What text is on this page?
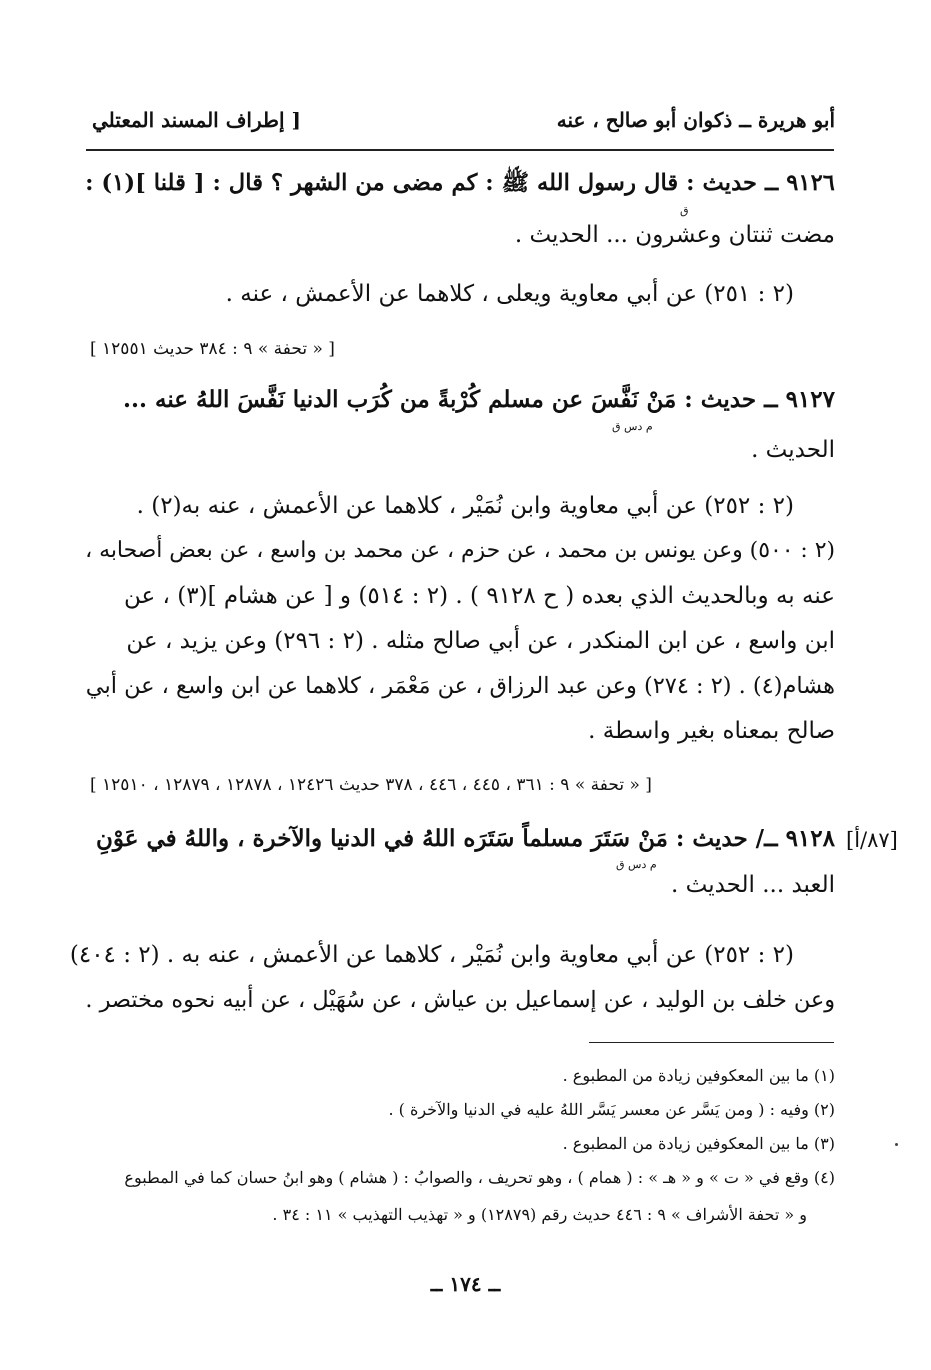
أبو هريرة ــ ذكوان أبو صالح ، عنه
[ إطراف المسند المعتلي
٩١٢٦ ــ حديث : قال رسول الله ﷺ : كم مضى من الشهر ؟ قال : [ قلنا ](١) :
ق
مضت ثنتان وعشرون ... الحديث .
(٢ : ٢٥١) عن أبي معاوية ويعلى ، كلاهما عن الأعمش ، عنه .
[ « تحفة » ٩ : ٣٨٤ حديث ١٢٥٥١ ]
٩١٢٧ ــ حديث : مَنْ نَفَّسَ عن مسلم كُرْبةً من كُرَب الدنيا نَفَّسَ اللهُ عنه ...
م دس ق
الحديث .
(٢ : ٢٥٢) عن أبي معاوية وابن نُمَيْر ، كلاهما عن الأعمش ، عنه به(٢) .
(٢ : ٥٠٠) وعن يونس بن محمد ، عن حزم ، عن محمد بن واسع ، عن بعض أصحابه ،
عنه به وبالحديث الذي بعده ( ح ٩١٢٨ ) . (٢ : ٥١٤) و [ عن هشام ](٣) ، عن
ابن واسع ، عن ابن المنكدر ، عن أبي صالح مثله . (٢ : ٢٩٦) وعن يزيد ، عن
هشام(٤) . (٢ : ٢٧٤) وعن عبد الرزاق ، عن مَعْمَر ، كلاهما عن ابن واسع ، عن أبي
صالح بمعناه بغير واسطة .
[ « تحفة » ٩ : ٣٦١ ، ٤٤٥ ، ٤٤٦ ، ٣٧٨ حديث ١٢٤٢٦ ، ١٢٨٧٨ ، ١٢٨٧٩ ، ١٢٥١٠ ]
[٨٧/أ]
٩١٢٨ ــ/ حديث : مَنْ سَتَرَ مسلماً سَتَرَه اللهُ في الدنيا والآخرة ، واللهُ في عَوْنِ
م دس ق
العبد ... الحديث .
(٢ : ٢٥٢) عن أبي معاوية وابن نُمَيْر ، كلاهما عن الأعمش ، عنه به . (٢ : ٤٠٤)
وعن خلف بن الوليد ، عن إسماعيل بن عياش ، عن سُهَيْل ، عن أبيه نحوه مختصر .
(١) ما بين المعكوفين زيادة من المطبوع .
(٢) وفيه : ( ومن يَسَّر عن معسر يَسَّر اللهُ عليه في الدنيا والآخرة ) .
(٣) ما بين المعكوفين زيادة من المطبوع .
(٤) وقع في « ت » و « هـ » : ( همام ) ، وهو تحريف ، والصوابُ : ( هشام ) وهو ابنُ حسان كما في المطبوع
و « تحفة الأشراف » ٩ : ٤٤٦ حديث رقم (١٢٨٧٩) و « تهذيب التهذيب » ١١ : ٣٤ .
ــ ١٧٤ ــ
